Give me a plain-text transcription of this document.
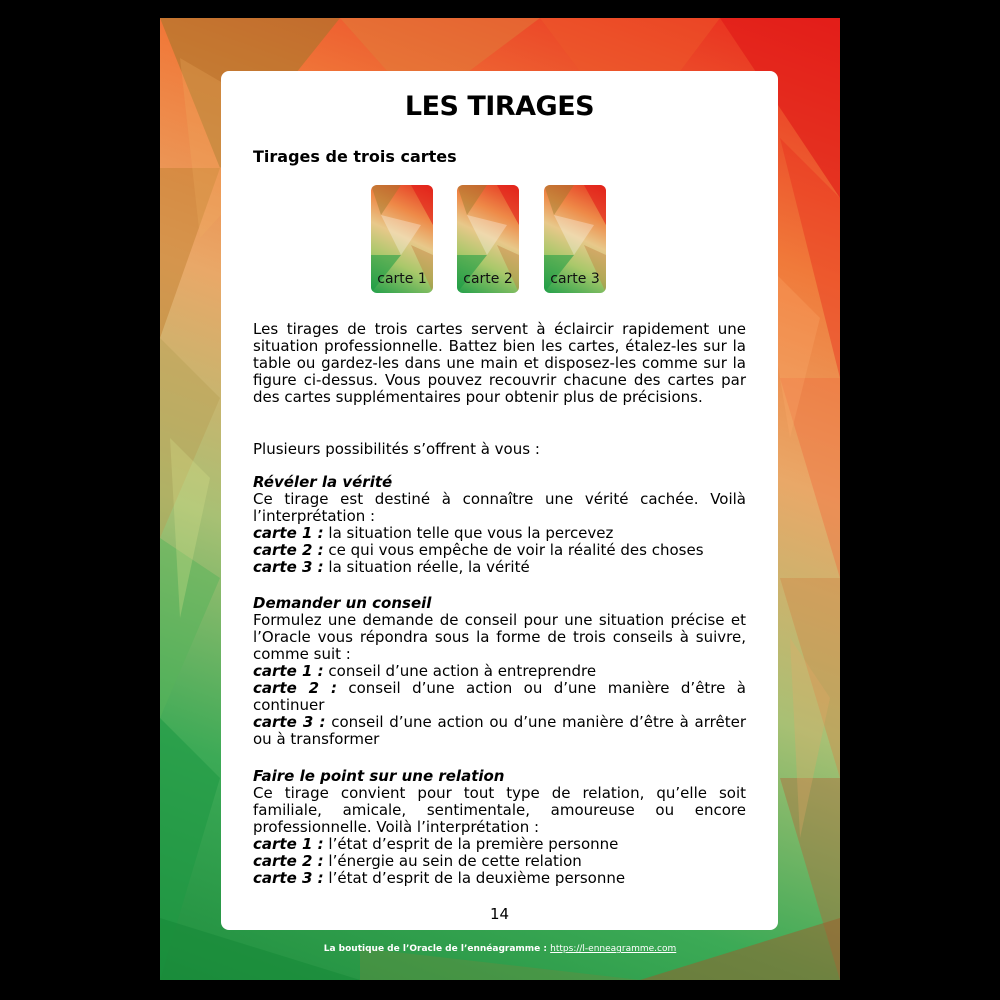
LES TIRAGES
Tirages de trois cartes
carte 1	carte 2	carte 3
Les tirages de trois cartes servent à éclaircir rapidement une situation professionnelle. Battez bien les cartes, étalez-les sur la table ou gardez-les dans une main et disposez-les comme sur la figure ci-dessus. Vous pouvez recouvrir chacune des cartes par des cartes supplémentaires pour obtenir plus de précisions.
Plusieurs possibilités s’offrent à vous :
Révéler la vérité
Ce tirage est destiné à connaître une vérité cachée. Voilà l’interprétation :
carte 1 : la situation telle que vous la percevez
carte 2 : ce qui vous empêche de voir la réalité des choses
carte 3 : la situation réelle, la vérité
Demander un conseil
Formulez une demande de conseil pour une situation précise et l’Oracle vous répondra sous la forme de trois conseils à suivre, comme suit :
carte 1 : conseil d’une action à entreprendre
carte 2 : conseil d’une action ou d’une manière d’être à continuer
carte 3 : conseil d’une action ou d’une manière d’être à arrêter ou à transformer
Faire le point sur une relation
Ce tirage convient pour tout type de relation, qu’elle soit familiale, amicale, sentimentale, amoureuse ou encore professionnelle. Voilà l’interprétation :
carte 1 : l’état d’esprit de la première personne
carte 2 : l’énergie au sein de cette relation
carte 3 : l’état d’esprit de la deuxième personne
14
La boutique de l’Oracle de l’ennéagramme : https://l-enneagramme.com
